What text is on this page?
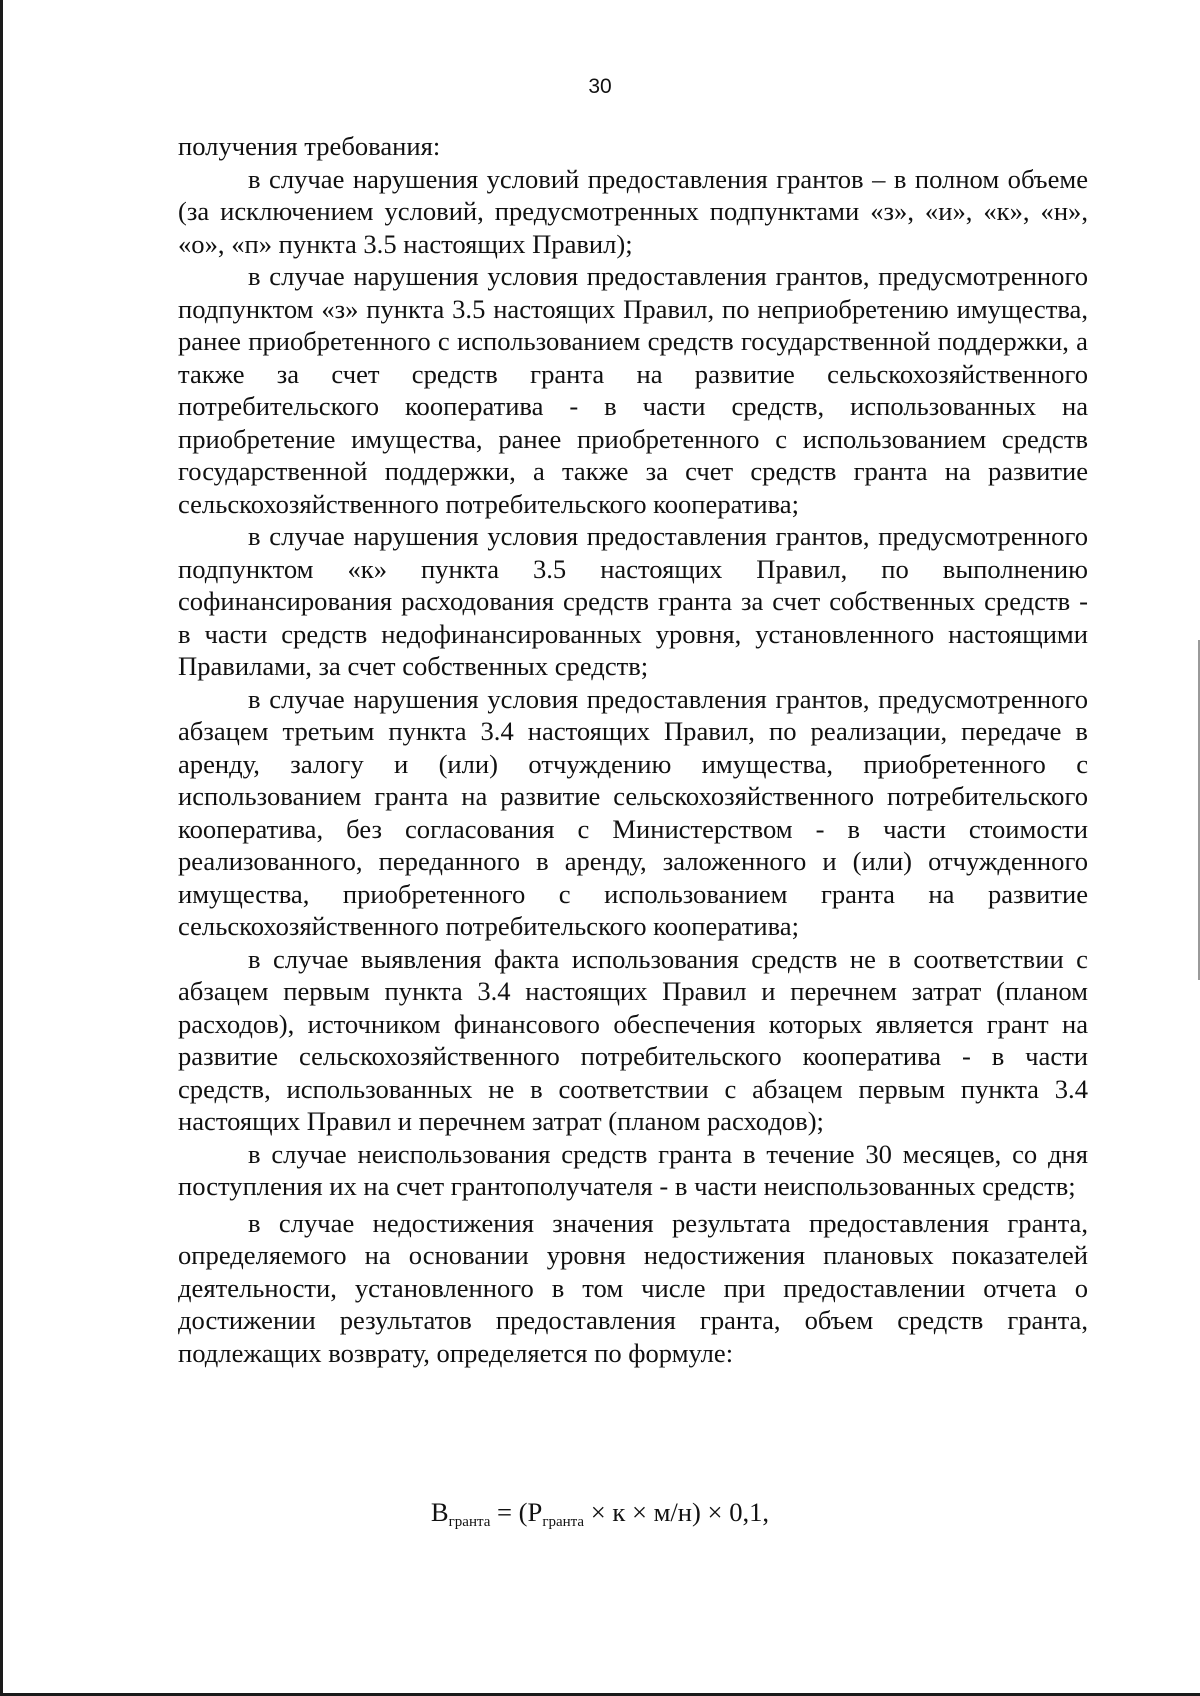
30

получения требования:

в случае нарушения условий предоставления грантов – в полном объеме (за исключением условий, предусмотренных подпунктами «з», «и», «к», «н», «о», «п» пункта 3.5 настоящих Правил);

в случае нарушения условия предоставления грантов, предусмотренного подпунктом «з» пункта 3.5 настоящих Правил, по неприобретению имущества, ранее приобретенного с использованием средств государственной поддержки, а также за счет средств гранта на развитие сельскохозяйственного потребительского кооператива - в части средств, использованных на приобретение имущества, ранее приобретенного с использованием средств государственной поддержки, а также за счет средств гранта на развитие сельскохозяйственного потребительского кооператива;

в случае нарушения условия предоставления грантов, предусмотренного подпунктом «к» пункта 3.5 настоящих Правил, по выполнению софинансирования расходования средств гранта за счет собственных средств - в части средств недофинансированных уровня, установленного настоящими Правилами, за счет собственных средств;

в случае нарушения условия предоставления грантов, предусмотренного абзацем третьим пункта 3.4 настоящих Правил, по реализации, передаче в аренду, залогу и (или) отчуждению имущества, приобретенного с использованием гранта на развитие сельскохозяйственного потребительского кооператива, без согласования с Министерством - в части стоимости реализованного, переданного в аренду, заложенного и (или) отчужденного имущества, приобретенного с использованием гранта на развитие сельскохозяйственного потребительского кооператива;

в случае выявления факта использования средств не в соответствии с абзацем первым пункта 3.4 настоящих Правил и перечнем затрат (планом расходов), источником финансового обеспечения которых является грант на развитие сельскохозяйственного потребительского кооператива - в части средств, использованных не в соответствии с абзацем первым пункта 3.4 настоящих Правил и перечнем затрат (планом расходов);

в случае неиспользования средств гранта в течение 30 месяцев, со дня поступления их на счет грантополучателя - в части неиспользованных средств;

в случае недостижения значения результата предоставления гранта, определяемого на основании уровня недостижения плановых показателей деятельности, установленного в том числе при предоставлении отчета о достижении результатов предоставления гранта, объем средств гранта, подлежащих возврату, определяется по формуле:

$В_{гранта} = (Р_{гранта} \times к \times м/н) \times 0,1$,
